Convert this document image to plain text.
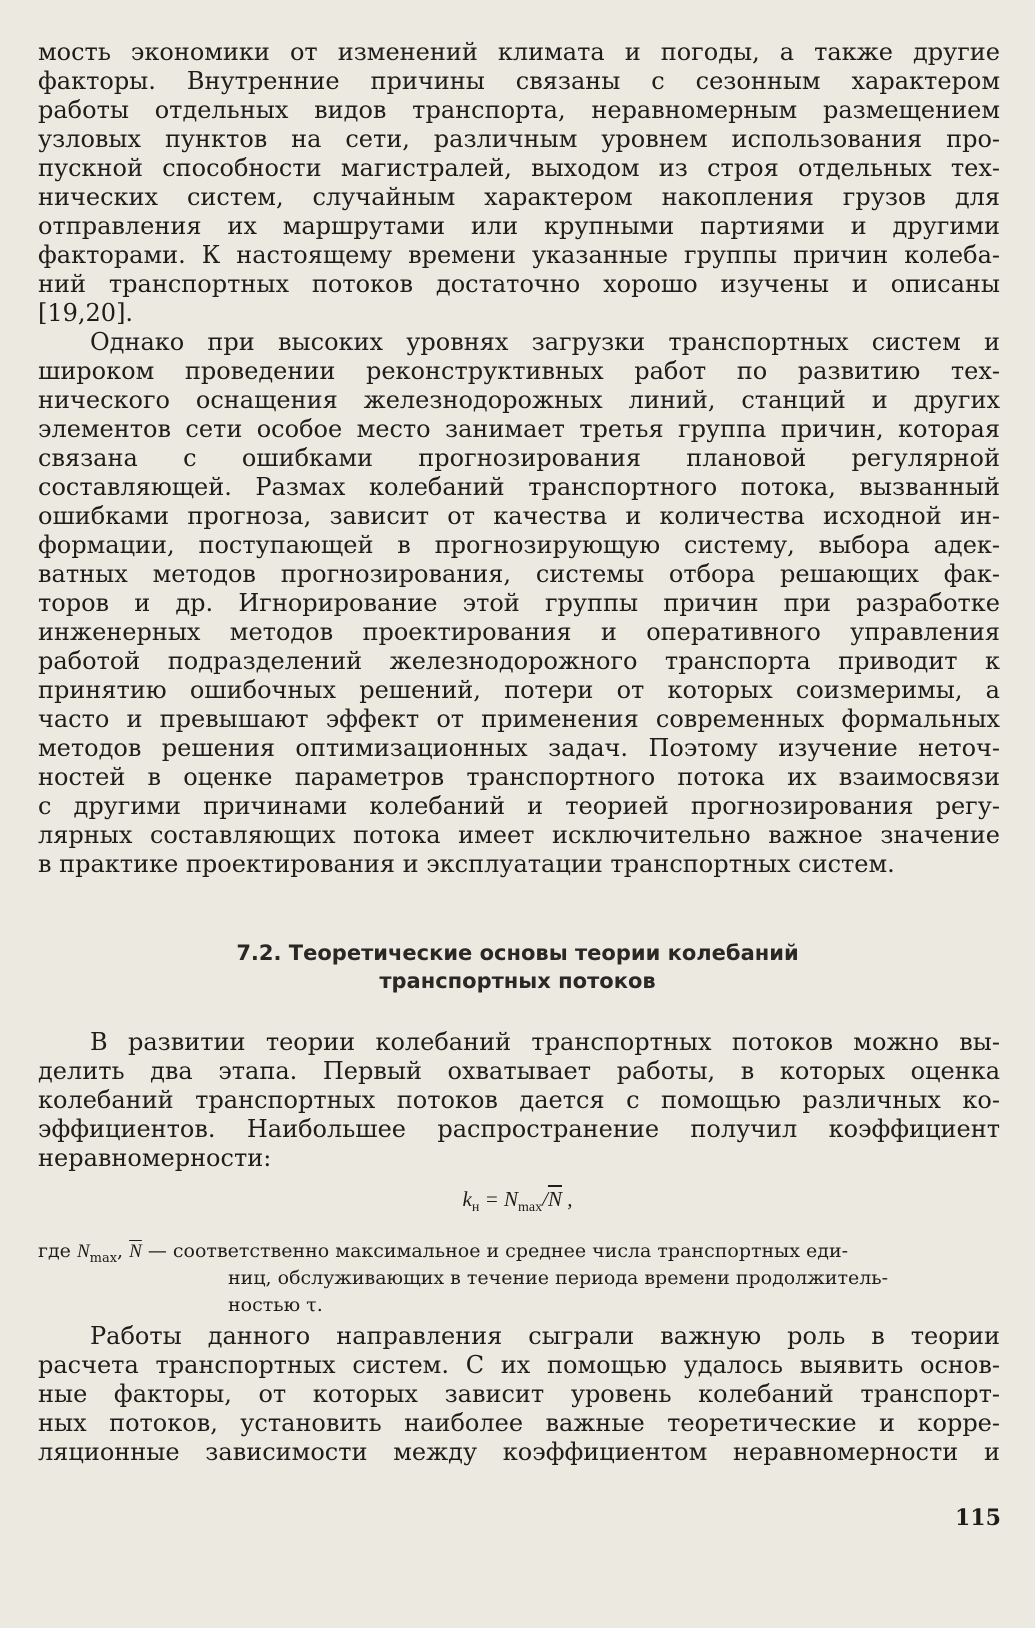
мость экономики от изменений климата и погоды, а также другие
факторы. Внутренние причины связаны с сезонным характером
работы отдельных видов транспорта, неравномерным размещением
узловых пунктов на сети, различным уровнем использования про-
пускной способности магистралей, выходом из строя отдельных тех-
нических систем, случайным характером накопления грузов для
отправления их маршрутами или крупными партиями и другими
факторами. К настоящему времени указанные группы причин колеба-
ний транспортных потоков достаточно хорошо изучены и описаны
[19,20].
Однако при высоких уровнях загрузки транспортных систем и
широком проведении реконструктивных работ по развитию тех-
нического оснащения железнодорожных линий, станций и других
элементов сети особое место занимает третья группа причин, которая
связана с ошибками прогнозирования плановой регулярной
составляющей. Размах колебаний транспортного потока, вызванный
ошибками прогноза, зависит от качества и количества исходной ин-
формации, поступающей в прогнозирующую систему, выбора адек-
ватных методов прогнозирования, системы отбора решающих фак-
торов и др. Игнорирование этой группы причин при разработке
инженерных методов проектирования и оперативного управления
работой подразделений железнодорожного транспорта приводит к
принятию ошибочных решений, потери от которых соизмеримы, а
часто и превышают эффект от применения современных формальных
методов решения оптимизационных задач. Поэтому изучение неточ-
ностей в оценке параметров транспортного потока их взаимосвязи
с другими причинами колебаний и теорией прогнозирования регу-
лярных составляющих потока имеет исключительно важное значение
в практике проектирования и эксплуатации транспортных систем.
7.2. Теоретические основы теории колебаний
транспортных потоков
В развитии теории колебаний транспортных потоков можно вы-
делить два этапа. Первый охватывает работы, в которых оценка
колебаний транспортных потоков дается с помощью различных ко-
эффициентов. Наибольшее распространение получил коэффициент
неравномерности:
$k_н = N_{max}/\overline{N}$ ,
где $N_{max}$, $\overline{N}$ — соответственно максимальное и среднее числа транспортных еди-
ниц, обслуживающих в течение периода времени продолжитель-
ностью τ.
Работы данного направления сыграли важную роль в теории
расчета транспортных систем. С их помощью удалось выявить основ-
ные факторы, от которых зависит уровень колебаний транспорт-
ных потоков, установить наиболее важные теоретические и корре-
ляционные зависимости между коэффициентом неравномерности и
115
